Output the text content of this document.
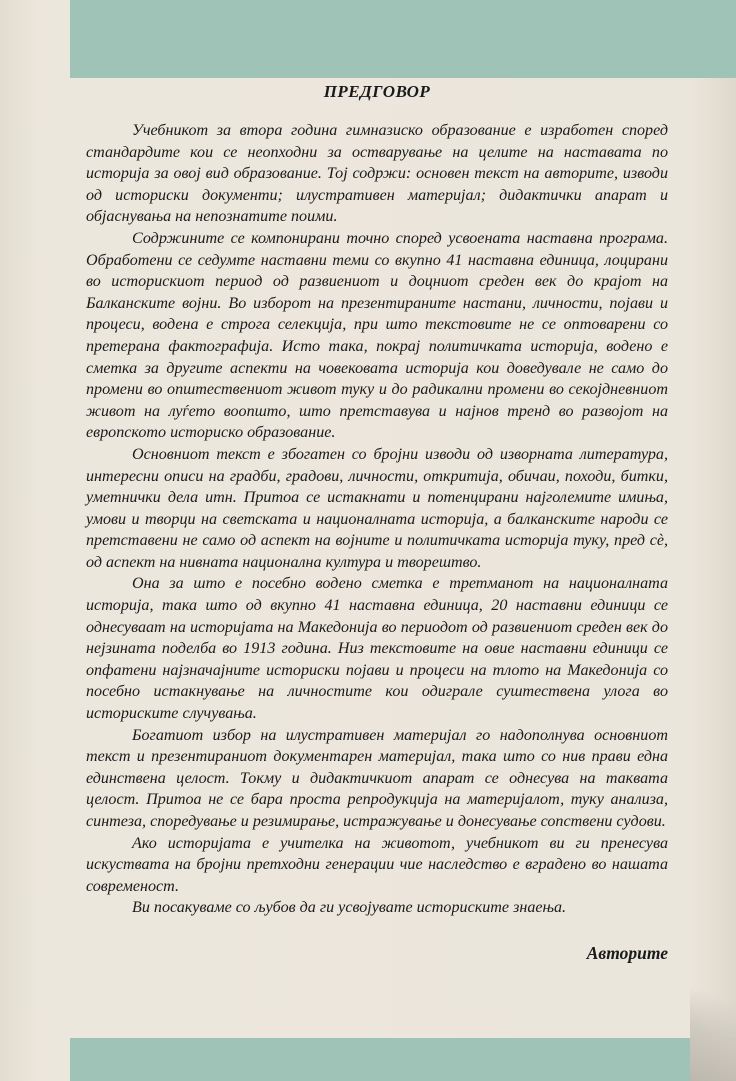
ПРЕДГОВОР

Учебникот за втора година гимназиско образование е изработен според стандардите кои се неопходни за остварување на целите на наставата по историја за овој вид образование. Тој содржи: основен текст на авторите, изводи од историски документи; илустративен материјал; дидактички апарат и објаснувања на непознатите поими.

Содржините се компонирани точно според усвоената наставна програма. Обработени се седумте наставни теми со вкупно 41 наставна единица, лоцирани во историскиот период од развиениот и доцниот среден век до крајот на Балканските војни. Во изборот на презентираните настани, личности, појави и процеси, водена е строга селекција, при што текстовите не се оптоварени со претерана фактографија. Исто така, покрај политичката историја, водено е сметка за другите аспекти на човековата историја кои доведувале не само до промени во општествениот живот туку и до радикални промени во секојдневниот живот на луѓето воопшто, што претставува и најнов тренд во развојот на европското историско образование.

Основниот текст е збогатен со бројни изводи од изворната литература, интересни описи на градби, градови, личности, откритија, обичаи, походи, битки, уметнички дела итн. Притоа се истакнати и потенцирани најголемите имиња, умови и творци на светската и националната историја, а балканските народи се претставени не само од аспект на војните и политичката историја туку, пред сè, од аспект на нивната национална култура и творештво.

Она за што е посебно водено сметка е третманот на националната историја, така што од вкупно 41 наставна единица, 20 наставни единици се однесуваат на историјата на Македонија во периодот од развиениот среден век до нејзината поделба во 1913 година. Низ текстовите на овие наставни единици се опфатени најзначајните историски појави и процеси на тлото на Македонија со посебно истакнување на личностите кои одиграле суштествена улога во историските случувања.

Богатиот избор на илустративен материјал го надополнува основниот текст и презентираниот документарен материјал, така што со нив прави една единствена целост. Токму и дидактичкиот апарат се однесува на таквата целост. Притоа не се бара проста репродукција на материјалот, туку анализа, синтеза, споредување и резимирање, истражување и донесување сопствени судови.

Ако историјата е учителка на животот, учебникот ви ги пренесува искуствата на бројни претходни генерации чие наследство е вградено во нашата современост.

Ви посакуваме со љубов да ги усвојувате историските знаења.

Авторите
